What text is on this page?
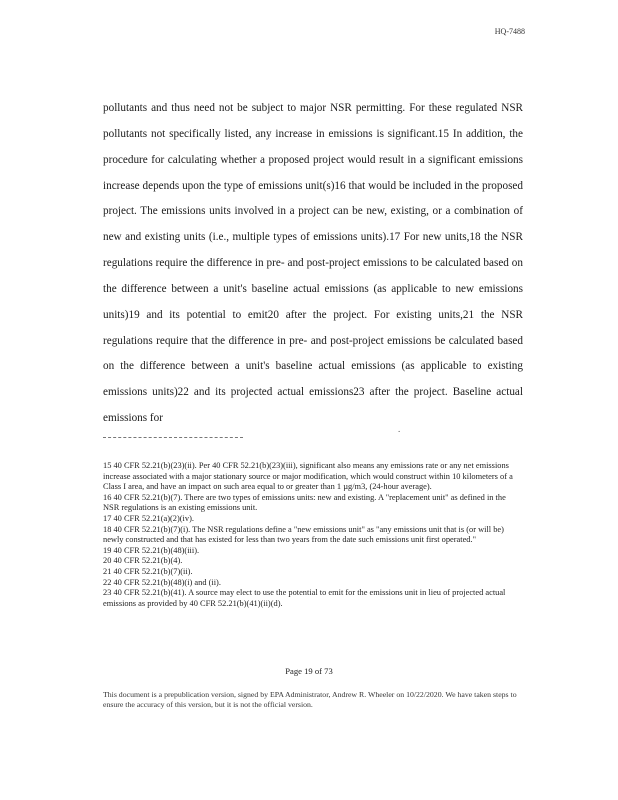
HQ-7488

pollutants and thus need not be subject to major NSR permitting. For these regulated NSR pollutants not specifically listed, any increase in emissions is significant.15 In addition, the procedure for calculating whether a proposed project would result in a significant emissions increase depends upon the type of emissions unit(s)16 that would be included in the proposed project. The emissions units involved in a project can be new, existing, or a combination of new and existing units (i.e., multiple types of emissions units).17 For new units,18 the NSR regulations require the difference in pre- and post-project emissions to be calculated based on the difference between a unit's baseline actual emissions (as applicable to new emissions units)19 and its potential to emit20 after the project. For existing units,21 the NSR regulations require that the difference in pre- and post-project emissions be calculated based on the difference between a unit's baseline actual emissions (as applicable to existing emissions units)22 and its projected actual emissions23 after the project. Baseline actual emissions for

.
15 40 CFR 52.21(b)(23)(ii). Per 40 CFR 52.21(b)(23)(iii), significant also means any emissions rate or any net emissions increase associated with a major stationary source or major modification, which would construct within 10 kilometers of a Class I area, and have an impact on such area equal to or greater than 1 µg/m3, (24-hour average).
16 40 CFR 52.21(b)(7). There are two types of emissions units: new and existing. A "replacement unit" as defined in the NSR regulations is an existing emissions unit.
17 40 CFR 52.21(a)(2)(iv).
18 40 CFR 52.21(b)(7)(i). The NSR regulations define a "new emissions unit" as "any emissions unit that is (or will be) newly constructed and that has existed for less than two years from the date such emissions unit first operated."
19 40 CFR 52.21(b)(48)(iii).
20 40 CFR 52.21(b)(4).
21 40 CFR 52.21(b)(7)(ii).
22 40 CFR 52.21(b)(48)(i) and (ii).
23 40 CFR 52.21(b)(41). A source may elect to use the potential to emit for the emissions unit in lieu of projected actual emissions as provided by 40 CFR 52.21(b)(41)(ii)(d).
Page 19 of 73
This document is a prepublication version, signed by EPA Administrator, Andrew R. Wheeler on 10/22/2020. We have taken steps to ensure the accuracy of this version, but it is not the official version.
